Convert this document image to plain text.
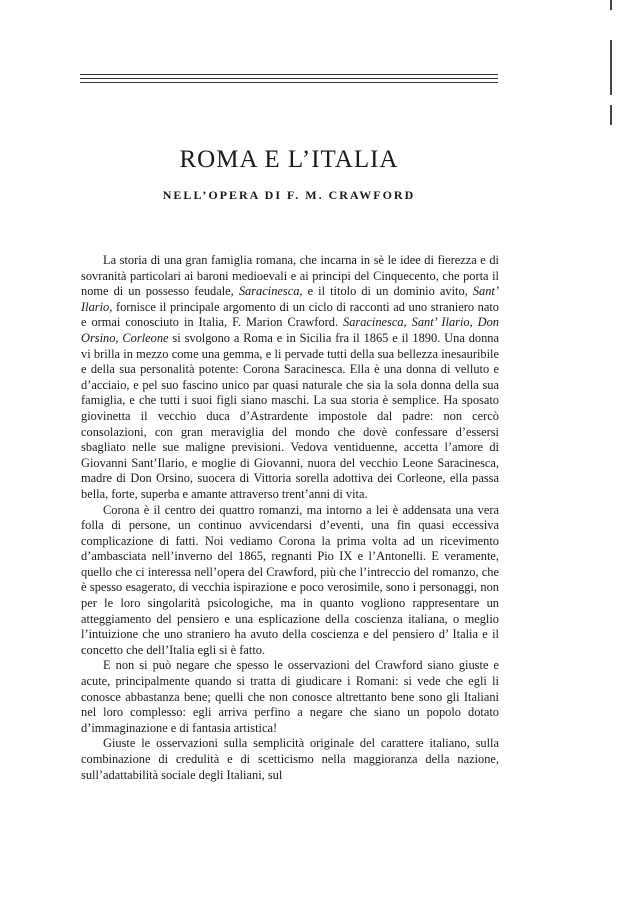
ROMA E L’ITALIA
NELL’OPERA DI F. M. CRAWFORD

La storia di una gran famiglia romana, che incarna in sè le idee di fierezza e di sovranità particolari ai baroni medioevali e ai principi del Cinquecento, che porta il nome di un possesso feudale, Saracinesca, e il titolo di un dominio avito, Sant’ Ilario, fornisce il principale argomento di un ciclo di racconti ad uno straniero nato e ormai conosciuto in Italia, F. Marion Crawford. Saracinesca, Sant’ Ilario, Don Orsino, Corleone si svolgono a Roma e in Sicilia fra il 1865 e il 1890. Una donna vi brilla in mezzo come una gemma, e li pervade tutti della sua bellezza inesauribile e della sua personalità potente: Corona Saracinesca. Ella è una donna di velluto e d’acciaio, e pel suo fascino unico par quasi naturale che sia la sola donna della sua famiglia, e che tutti i suoi figli siano maschi. La sua storia è semplice. Ha sposato giovinetta il vecchio duca d’Astrardente impostole dal padre: non cercò consolazioni, con gran meraviglia del mondo che dovè confessare d’essersi sbagliato nelle sue maligne previsioni. Vedova ventiduenne, accetta l’amore di Giovanni Sant’Ilario, e moglie di Giovanni, nuora del vecchio Leone Saracinesca, madre di Don Orsino, suocera di Vittoria sorella adottiva dei Corleone, ella passa bella, forte, superba e amante attraverso trent’anni di vita.

Corona è il centro dei quattro romanzi, ma intorno a lei è addensata una vera folla di persone, un continuo avvicendarsi d’eventi, una fin quasi eccessiva complicazione di fatti. Noi vediamo Corona la prima volta ad un ricevimento d’ambasciata nell’inverno del 1865, regnanti Pio IX e l’Antonelli. E veramente, quello che ci interessa nell’opera del Crawford, più che l’intreccio del romanzo, che è spesso esagerato, di vecchia ispirazione e poco verosimile, sono i personaggi, non per le loro singolarità psicologiche, ma in quanto vogliono rappresentare un atteggiamento del pensiero e una esplicazione della coscienza italiana, o meglio l’intuizione che uno straniero ha avuto della coscienza e del pensiero d’ Italia e il concetto che dell’Italia egli si è fatto.

E non si può negare che spesso le osservazioni del Crawford siano giuste e acute, principalmente quando si tratta di giudicare i Romani: si vede che egli li conosce abbastanza bene; quelli che non conosce altrettanto bene sono gli Italiani nel loro complesso: egli arriva perfino a negare che siano un popolo dotato d’immaginazione e di fantasia artistica!

Giuste le osservazioni sulla semplicità originale del carattere italiano, sulla combinazione di credulità e di scetticismo nella maggioranza della nazione, sull’adattabilità sociale degli Italiani, sul
